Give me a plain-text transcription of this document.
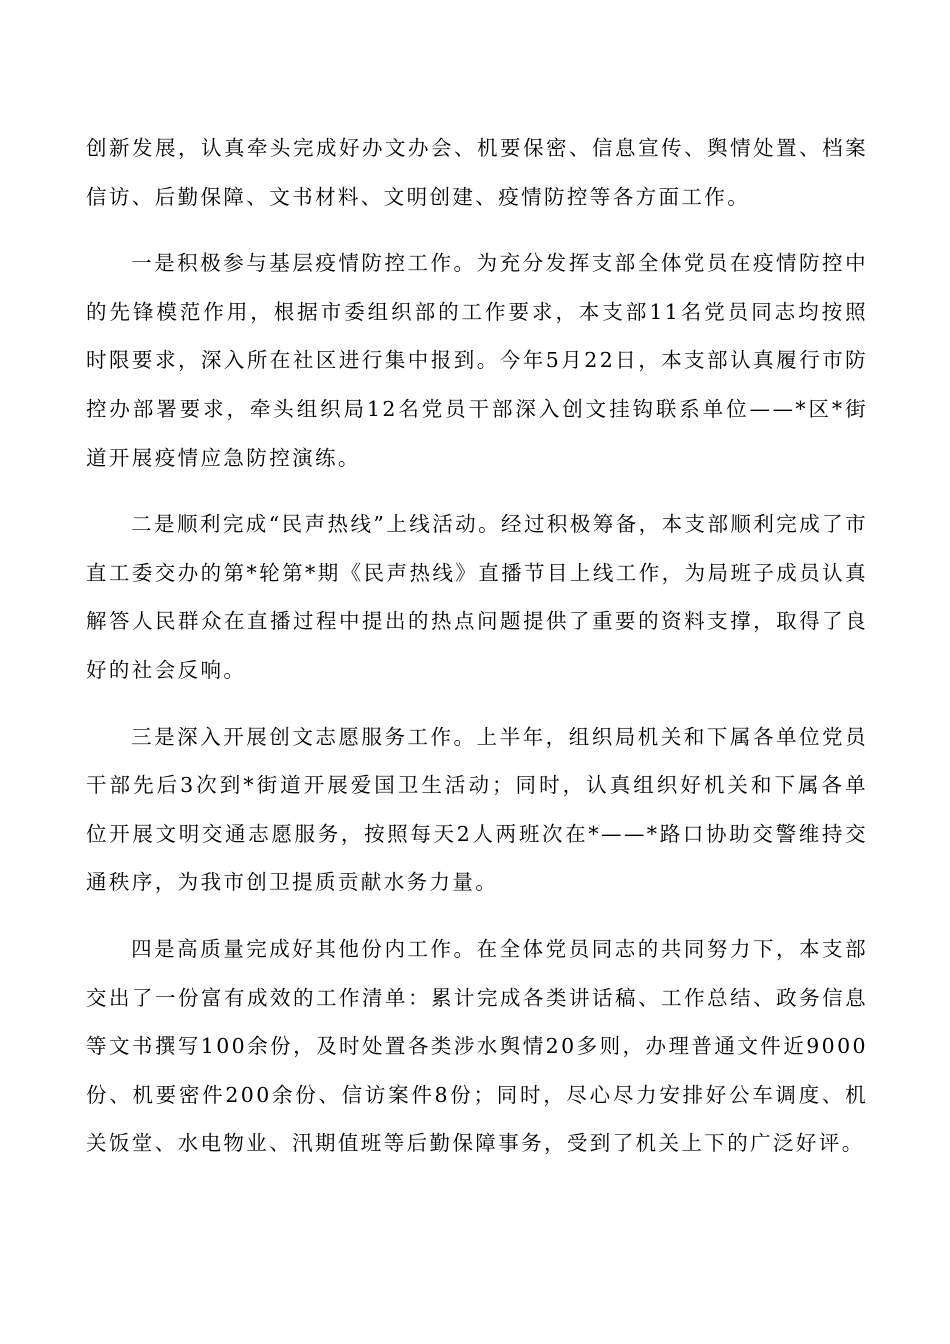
创新发展，认真牵头完成好办文办会、机要保密、信息宣传、舆情处置、档案信访、后勤保障、文书材料、文明创建、疫情防控等各方面工作。

一是积极参与基层疫情防控工作。为充分发挥支部全体党员在疫情防控中的先锋模范作用，根据市委组织部的工作要求，本支部11名党员同志均按照时限要求，深入所在社区进行集中报到。今年5月22日，本支部认真履行市防控办部署要求，牵头组织局12名党员干部深入创文挂钩联系单位——*区*街道开展疫情应急防控演练。

二是顺利完成“民声热线”上线活动。经过积极筹备，本支部顺利完成了市直工委交办的第*轮第*期《民声热线》直播节目上线工作，为局班子成员认真解答人民群众在直播过程中提出的热点问题提供了重要的资料支撑，取得了良好的社会反响。

三是深入开展创文志愿服务工作。上半年，组织局机关和下属各单位党员干部先后3次到*街道开展爱国卫生活动；同时，认真组织好机关和下属各单位开展文明交通志愿服务，按照每天2人两班次在*——*路口协助交警维持交通秩序，为我市创卫提质贡献水务力量。

四是高质量完成好其他份内工作。在全体党员同志的共同努力下，本支部交出了一份富有成效的工作清单：累计完成各类讲话稿、工作总结、政务信息等文书撰写100余份，及时处置各类涉水舆情20多则，办理普通文件近9000份、机要密件200余份、信访案件8份；同时，尽心尽力安排好公车调度、机关饭堂、水电物业、汛期值班等后勤保障事务，受到了机关上下的广泛好评。
